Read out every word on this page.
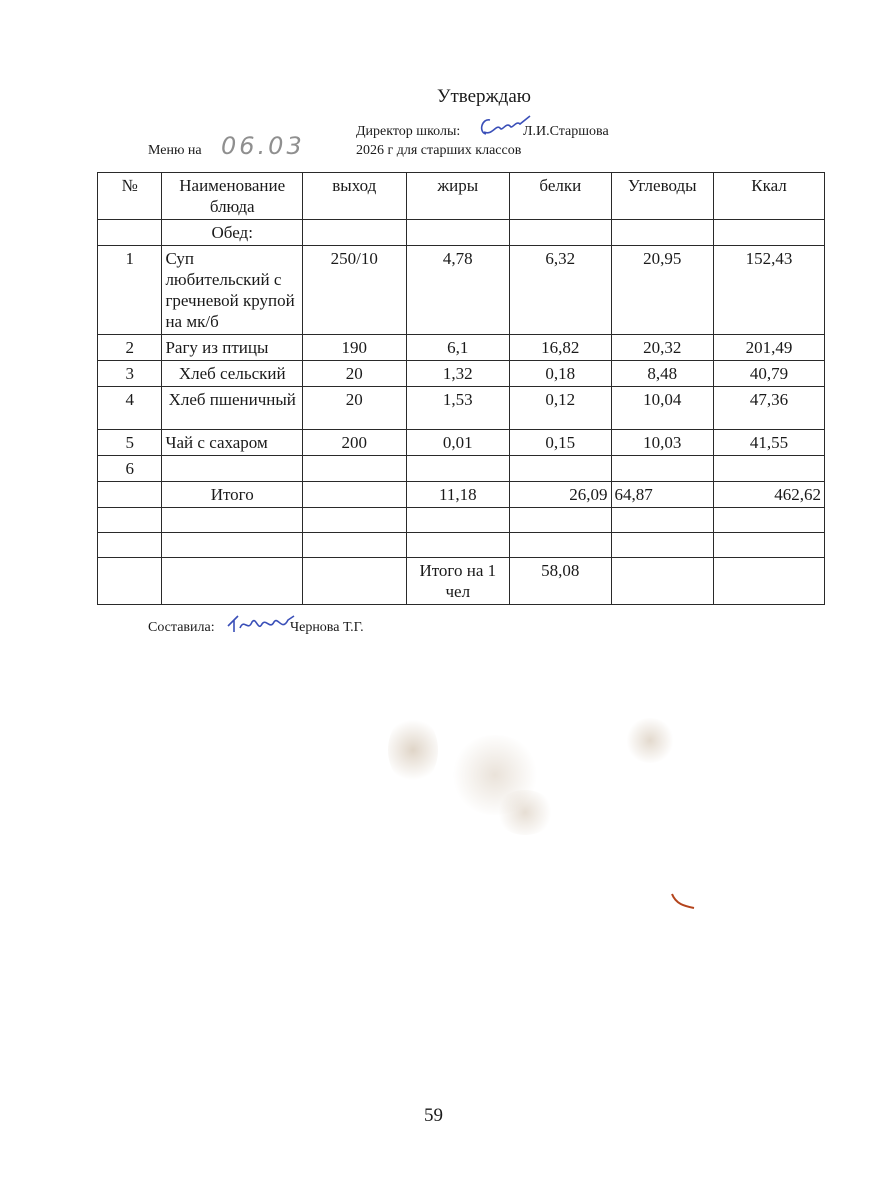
Утверждаю
Директор школы:	Л.И.Старшова
Меню на 06.03	2026 г для старших классов
№	Наименование блюда	выход	жиры	белки	Углеводы	Ккал
	Обед:					
1	Суп любительский с гречневой крупой на мк/б	250/10	4,78	6,32	20,95	152,43
2	Рагу из птицы	190	6,1	16,82	20,32	201,49
3	Хлеб сельский	20	1,32	0,18	8,48	40,79
4	Хлеб пшеничный	20	1,53	0,12	10,04	47,36
5	Чай с сахаром	200	0,01	0,15	10,03	41,55
6						
	Итого		11,18	26,09	64,87	462,62

			Итого на 1 чел	58,08		
Составила:	Чернова Т.Г.
59
